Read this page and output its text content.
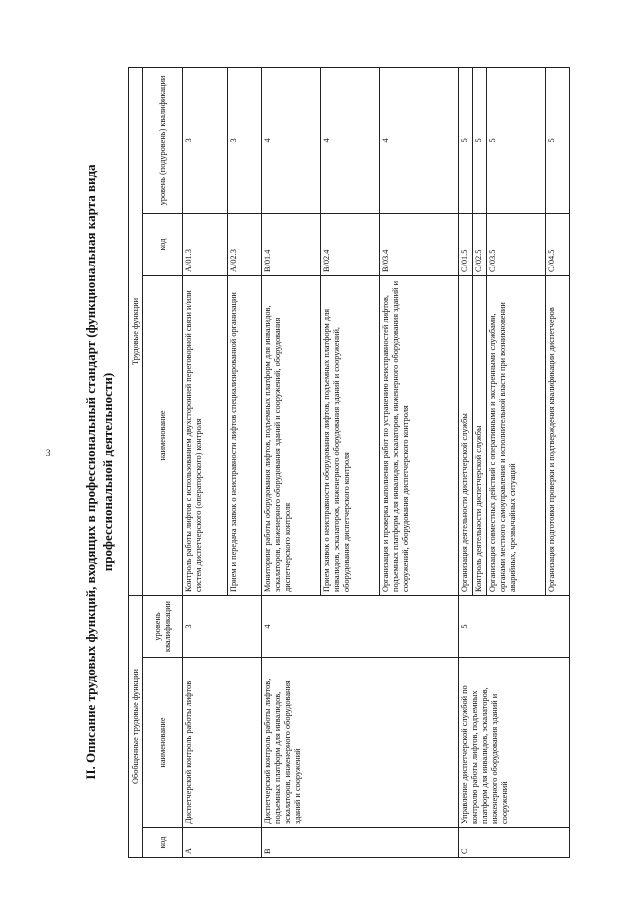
3	II. Описание трудовых функций, входящих в профессиональный стандарт (функциональная карта вида профессиональной деятельности)
Обобщенные трудовые функции			Трудовые функции		
код	наименование	уровень квалификации	наименование	код	уровень (подуровень) квалификации
A	Диспетчерский контроль работы лифтов	3	Контроль работы лифтов с использованием двухсторонней переговорной связи и/или систем диспетчерского (операторского) контроля	A/01.3	3
			Прием и передача заявок о неисправности лифтов специализированной организации	A/02.3	3
B	Диспетчерский контроль работы лифтов, подъемных платформ для инвалидов, эскалаторов, инженерного оборудования зданий и сооружений	4	Мониторинг работы оборудования лифтов, подъемных платформ для инвалидов, эскалаторов, инженерного оборудования зданий и сооружений, оборудования диспетчерского контроля	B/01.4	4
			Прием заявок о неисправности оборудования лифтов, подъемных платформ для инвалидов, эскалаторов, инженерного оборудования зданий и сооружений, оборудования диспетчерского контроля	B/02.4	4
			Организация и проверка выполнения работ по устранению неисправностей лифтов, подъемных платформ для инвалидов, эскалаторов, инженерного оборудования зданий и сооружений, оборудования диспетчерского контроля	B/03.4	4
C	Управление диспетчерской службой по контролю работы лифтов, подъемных платформ для инвалидов, эскалаторов, инженерного оборудования зданий и сооружений	5	Организация деятельности диспетчерской службы	C/01.5	5
			Контроль деятельности диспетчерской службы	C/02.5	5
			Организация совместных действий с оперативными и экстренными службами, органами местного самоуправления и исполнительной власти при возникновении аварийных, чрезвычайных ситуаций	C/03.5	5
			Организация подготовки проверки и подтверждения квалификации диспетчеров	C/04.5	5
